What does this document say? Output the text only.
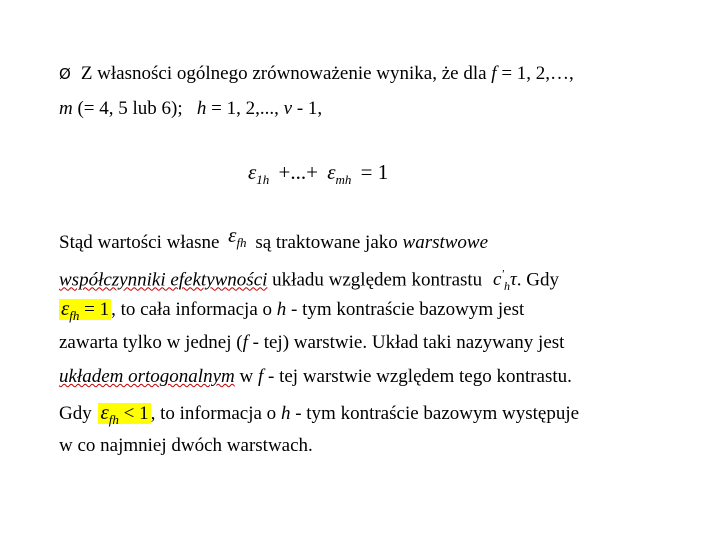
Ø Z własności ogólnego zrównoważenie wynika, że dla f = 1, 2,…,
m (= 4, 5 lub 6); h = 1, 2,..., v - 1,
$\varepsilon_{1h}$ +...+ $\varepsilon_{mh} = 1$
Stąd wartości własne $\varepsilon_{fh}$ są traktowane jako warstwowe
współczynniki efektywności układu względem kontrastu $c'_h\tau$. Gdy
$\varepsilon_{fh} = 1$ , to cała informacja o h - tym kontraście bazowym jest
zawarta tylko w jednej (f - tej) warstwie. Układ taki nazywany jest
układem ortogonalnym w f - tej warstwie względem tego kontrastu.
Gdy $\varepsilon_{fh} < 1$ , to informacja o h - tym kontraście bazowym występuje
w co najmniej dwóch warstwach.
